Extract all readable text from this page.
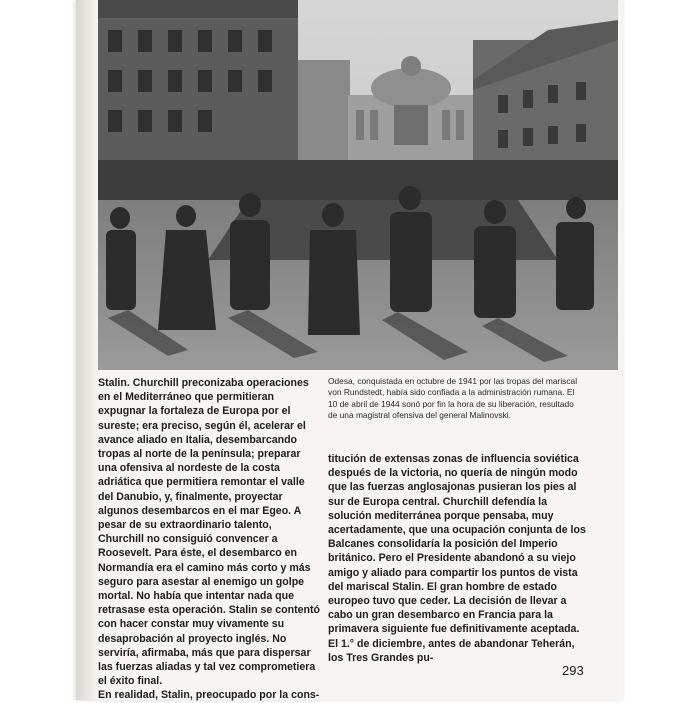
Stalin. Churchill preconizaba operaciones en el Mediterráneo que permitieran expugnar la fortaleza de Europa por el sureste; era preciso, según él, acelerar el avance aliado en Italia, desembarcando tropas al norte de la península; preparar una ofensiva al nordeste de la costa adriática que permitiera remontar el valle del Danubio, y, finalmente, proyectar algunos desembarcos en el mar Egeo. A pesar de su extraordinario talento, Churchill no consiguió convencer a Roosevelt. Para éste, el desembarco en Normandía era el camino más corto y más seguro para asestar al enemigo un golpe mortal. No había que intentar nada que retrasase esta operación. Stalin se contentó con hacer constar muy vivamente su desaprobación al proyecto inglés. No serviría, afirmaba, más que para dispersar las fuerzas aliadas y tal vez comprometiera el éxito final.

En realidad, Stalin, preocupado por la cons-

Odesa, conquistada en octubre de 1941 por las tropas del mariscal von Rundstedt, había sido confiada a la administración rumana. El 10 de abril de 1944 sonó por fin la hora de su liberación, resultado de una magistral ofensiva del general Malinovski.

titución de extensas zonas de influencia soviética después de la victoria, no quería de ningún modo que las fuerzas anglosajonas pusieran los pies al sur de Europa central. Churchill defendía la solución mediterránea porque pensaba, muy acertadamente, que una ocupación conjunta de los Balcanes consolidaría la posición del Imperio británico. Pero el Presidente abandonó a su viejo amigo y aliado para compartir los puntos de vista del mariscal Stalin. El gran hombre de estado europeo tuvo que ceder. La decisión de llevar a cabo un gran desembarco en Francia para la primavera siguiente fue definitivamente aceptada. El 1.° de diciembre, antes de abandonar Teherán, los Tres Grandes pu-

293
